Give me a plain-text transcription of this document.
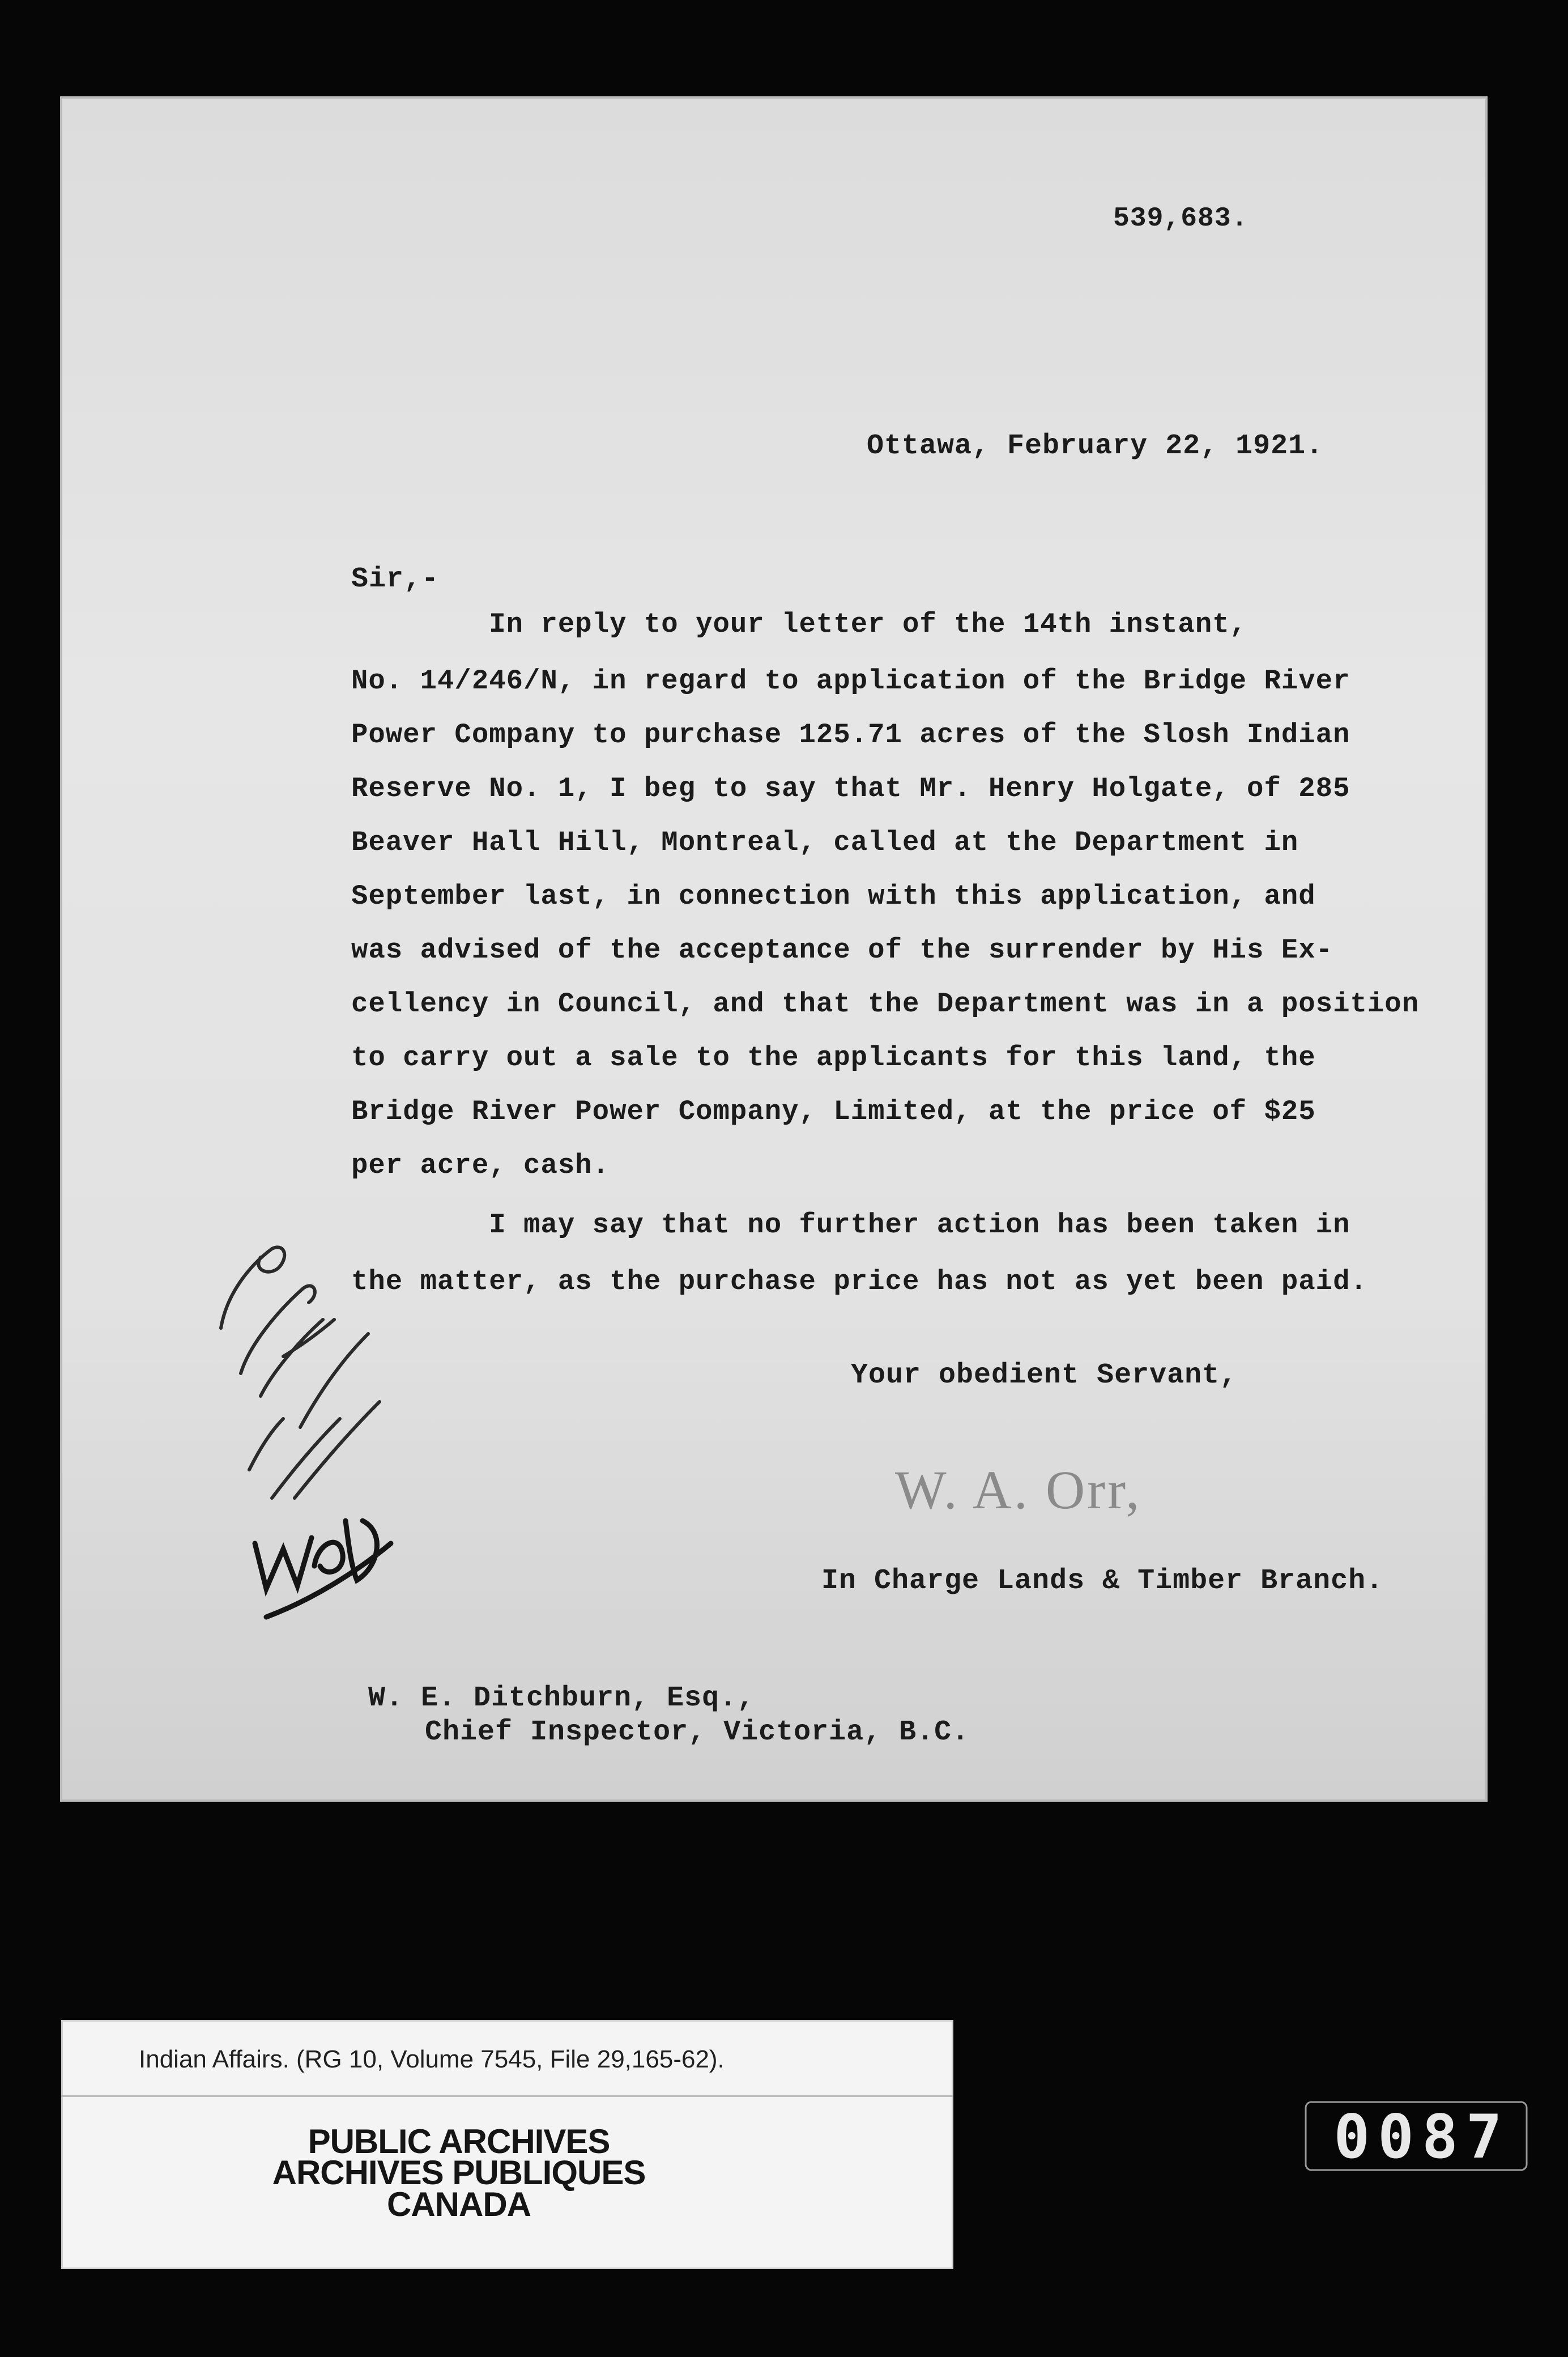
539,683.
Ottawa, February 22, 1921.
Sir,-
In reply to your letter of the 14th instant,
No. 14/246/N, in regard to application of the Bridge River
Power Company to purchase 125.71 acres of the Slosh Indian
Reserve No. 1, I beg to say that Mr. Henry Holgate, of 285
Beaver Hall Hill, Montreal, called at the Department in
September last, in connection with this application, and
was advised of the acceptance of the surrender by His Ex-
cellency in Council, and that the Department was in a position
to carry out a sale to the applicants for this land, the
Bridge River Power Company, Limited, at the price of $25
per acre, cash.
I may say that no further action has been taken in
the matter, as the purchase price has not as yet been paid.
Your obedient Servant,
W. A. Orr,
In Charge Lands & Timber Branch.
W. E. Ditchburn, Esq.,
Chief Inspector, Victoria, B.C.
Indian Affairs. (RG 10, Volume 7545, File 29,165-62).
PUBLIC ARCHIVES
ARCHIVES PUBLIQUES
CANADA
0087
